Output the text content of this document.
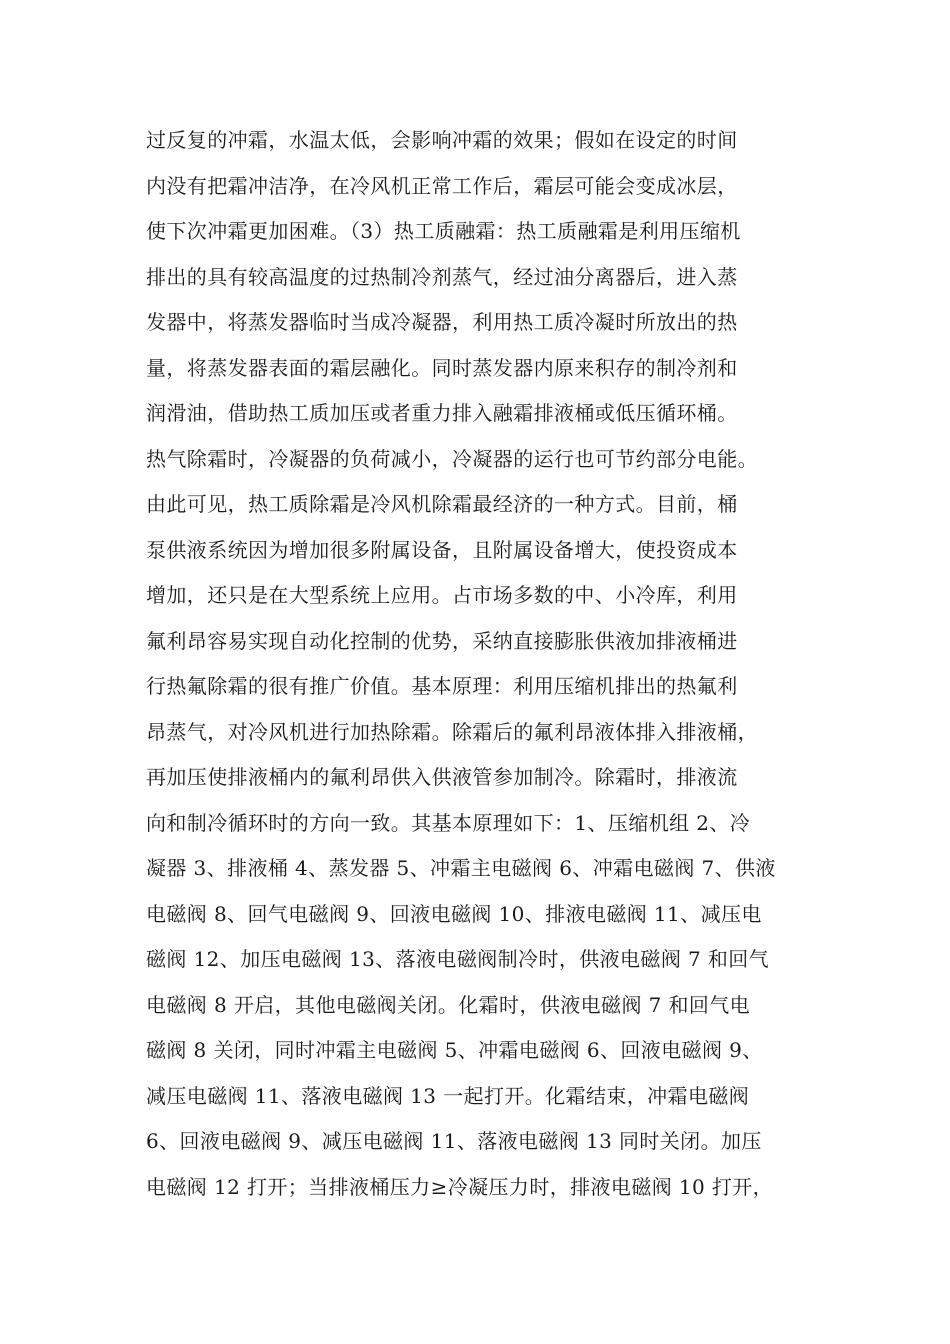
过反复的冲霜，水温太低，会影响冲霜的效果；假如在设定的时间
内没有把霜冲洁净，在冷风机正常工作后，霜层可能会变成冰层，
使下次冲霜更加困难。（3）热工质融霜：热工质融霜是利用压缩机
排出的具有较高温度的过热制冷剂蒸气，经过油分离器后，进入蒸
发器中，将蒸发器临时当成冷凝器，利用热工质冷凝时所放出的热
量，将蒸发器表面的霜层融化。同时蒸发器内原来积存的制冷剂和
润滑油，借助热工质加压或者重力排入融霜排液桶或低压循环桶。
热气除霜时，冷凝器的负荷减小，冷凝器的运行也可节约部分电能。
由此可见，热工质除霜是冷风机除霜最经济的一种方式。目前，桶
泵供液系统因为增加很多附属设备，且附属设备增大，使投资成本
增加，还只是在大型系统上应用。占市场多数的中、小冷库，利用
氟利昂容易实现自动化控制的优势，采纳直接膨胀供液加排液桶进
行热氟除霜的很有推广价值。基本原理：利用压缩机排出的热氟利
昂蒸气，对冷风机进行加热除霜。除霜后的氟利昂液体排入排液桶，
再加压使排液桶内的氟利昂供入供液管参加制冷。除霜时，排液流
向和制冷循环时的方向一致。其基本原理如下：1、压缩机组 2、冷
凝器 3、排液桶 4、蒸发器 5、冲霜主电磁阀 6、冲霜电磁阀 7、供液
电磁阀 8、回气电磁阀 9、回液电磁阀 10、排液电磁阀 11、减压电
磁阀 12、加压电磁阀 13、落液电磁阀制冷时，供液电磁阀 7 和回气
电磁阀 8 开启，其他电磁阀关闭。化霜时，供液电磁阀 7 和回气电
磁阀 8 关闭，同时冲霜主电磁阀 5、冲霜电磁阀 6、回液电磁阀 9、
减压电磁阀 11、落液电磁阀 13 一起打开。化霜结束，冲霜电磁阀
6、回液电磁阀 9、减压电磁阀 11、落液电磁阀 13 同时关闭。加压
电磁阀 12 打开；当排液桶压力≥冷凝压力时，排液电磁阀 10 打开，
